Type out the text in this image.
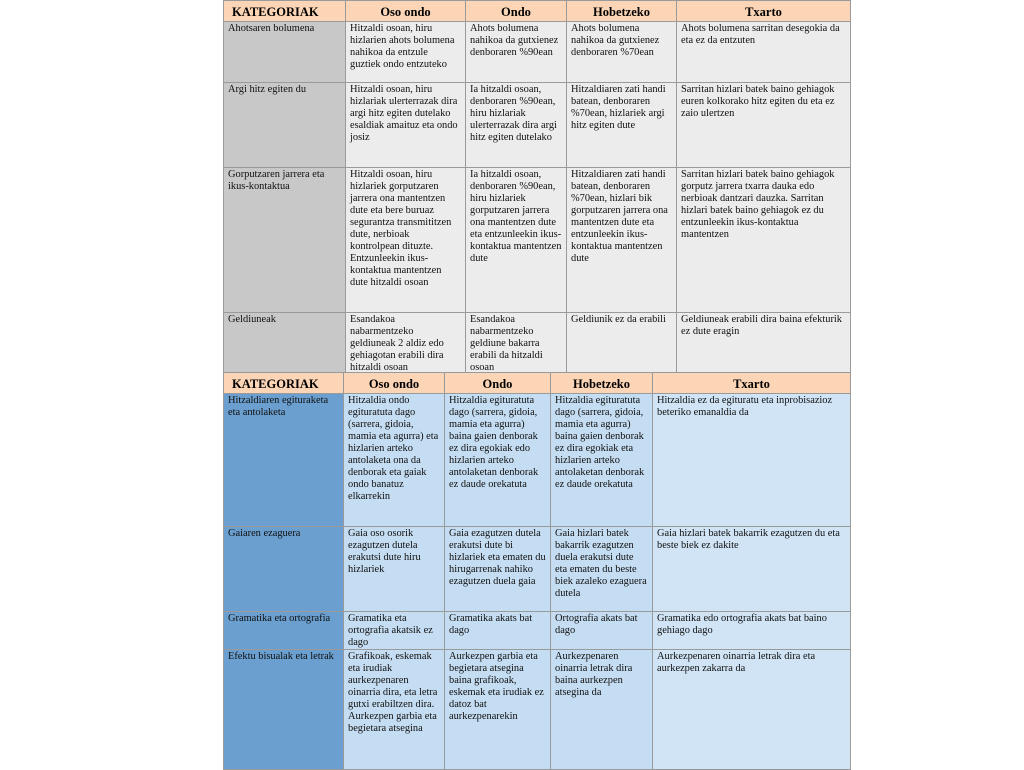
KATEGORIAK	Oso ondo	Ondo	Hobetzeko	Txarto
Ahotsaren bolumena	Hitzaldi osoan, hiru hizlarien ahots bolumena nahikoa da entzule guztiek ondo entzuteko	Ahots bolumena nahikoa da gutxienez denboraren %90ean	Ahots bolumena nahikoa da gutxienez denboraren %70ean	Ahots bolumena sarritan desegokia da eta ez da entzuten
Argi hitz egiten du	Hitzaldi osoan, hiru hizlariak ulerterrazak dira argi hitz egiten dutelako esaldiak amaituz eta ondo josiz	Ia hitzaldi osoan, denboraren %90ean, hiru hizlariak ulerterrazak dira argi hitz egiten dutelako	Hitzaldiaren zati handi batean, denboraren %70ean, hizlariek argi hitz egiten dute	Sarritan hizlari batek baino gehiagok euren kolkorako hitz egiten du eta ez zaio ulertzen
Gorputzaren jarrera eta ikus-kontaktua	Hitzaldi osoan, hiru hizlariek gorputzaren jarrera ona mantentzen dute eta bere buruaz segurantza transmititzen dute, nerbioak kontrolpean dituzte. Entzunleekin ikus-kontaktua mantentzen dute hitzaldi osoan	Ia hitzaldi osoan, denboraren %90ean, hiru hizlariek gorputzaren jarrera ona mantentzen dute eta entzunleekin ikus-kontaktua mantentzen dute	Hitzaldiaren zati handi batean, denboraren %70ean, hizlari bik gorputzaren jarrera ona mantentzen dute eta entzunleekin ikus-kontaktua mantentzen dute	Sarritan hizlari batek baino gehiagok gorputz jarrera txarra dauka edo nerbioak dantzari dauzka. Sarritan hizlari batek baino gehiagok ez du entzunleekin ikus-kontaktua mantentzen
Geldiuneak	Esandakoa nabarmentzeko geldiuneak 2 aldiz edo gehiagotan erabili dira hitzaldi osoan	Esandakoa nabarmentzeko geldiune bakarra erabili da hitzaldi osoan	Geldiunik ez da erabili	Geldiuneak erabili dira baina efekturik ez dute eragin
KATEGORIAK	Oso ondo	Ondo	Hobetzeko	Txarto
Hitzaldiaren egituraketa eta antolaketa	Hitzaldia ondo egituratuta dago (sarrera, gidoia, mamia eta agurra) eta hizlarien arteko antolaketa ona da denborak eta gaiak ondo banatuz elkarrekin	Hitzaldia egituratuta dago (sarrera, gidoia, mamia eta agurra) baina gaien denborak ez dira egokiak edo hizlarien arteko antolaketan denborak ez daude orekatuta	Hitzaldia egituratuta dago (sarrera, gidoia, mamia eta agurra) baina gaien denborak ez dira egokiak eta hizlarien arteko antolaketan denborak ez daude orekatuta	Hitzaldia ez da egituratu eta inprobisazioz beteriko emanaldia da
Gaiaren ezaguera	Gaia oso osorik ezagutzen dutela erakutsi dute hiru hizlariek	Gaia ezagutzen dutela erakutsi dute bi hizlariek eta ematen du hirugarrenak nahiko ezagutzen duela gaia	Gaia hizlari batek bakarrik ezagutzen duela erakutsi dute eta ematen du beste biek azaleko ezaguera dutela	Gaia hizlari batek bakarrik ezagutzen du eta beste biek ez dakite
Gramatika eta ortografia	Gramatika eta ortografia akatsik ez dago	Gramatika akats bat dago	Ortografia akats bat dago	Gramatika edo ortografia akats bat baino gehiago dago
Efektu bisualak eta letrak	Grafikoak, eskemak eta irudiak aurkezpenaren oinarria dira, eta letra gutxi erabiltzen dira. Aurkezpen garbia eta begietara atsegina	Aurkezpen garbia eta begietara atsegina baina grafikoak, eskemak eta irudiak ez datoz bat aurkezpenarekin	Aurkezpenaren oinarria letrak dira baina aurkezpen atsegina da	Aurkezpenaren oinarria letrak dira eta aurkezpen zakarra da
